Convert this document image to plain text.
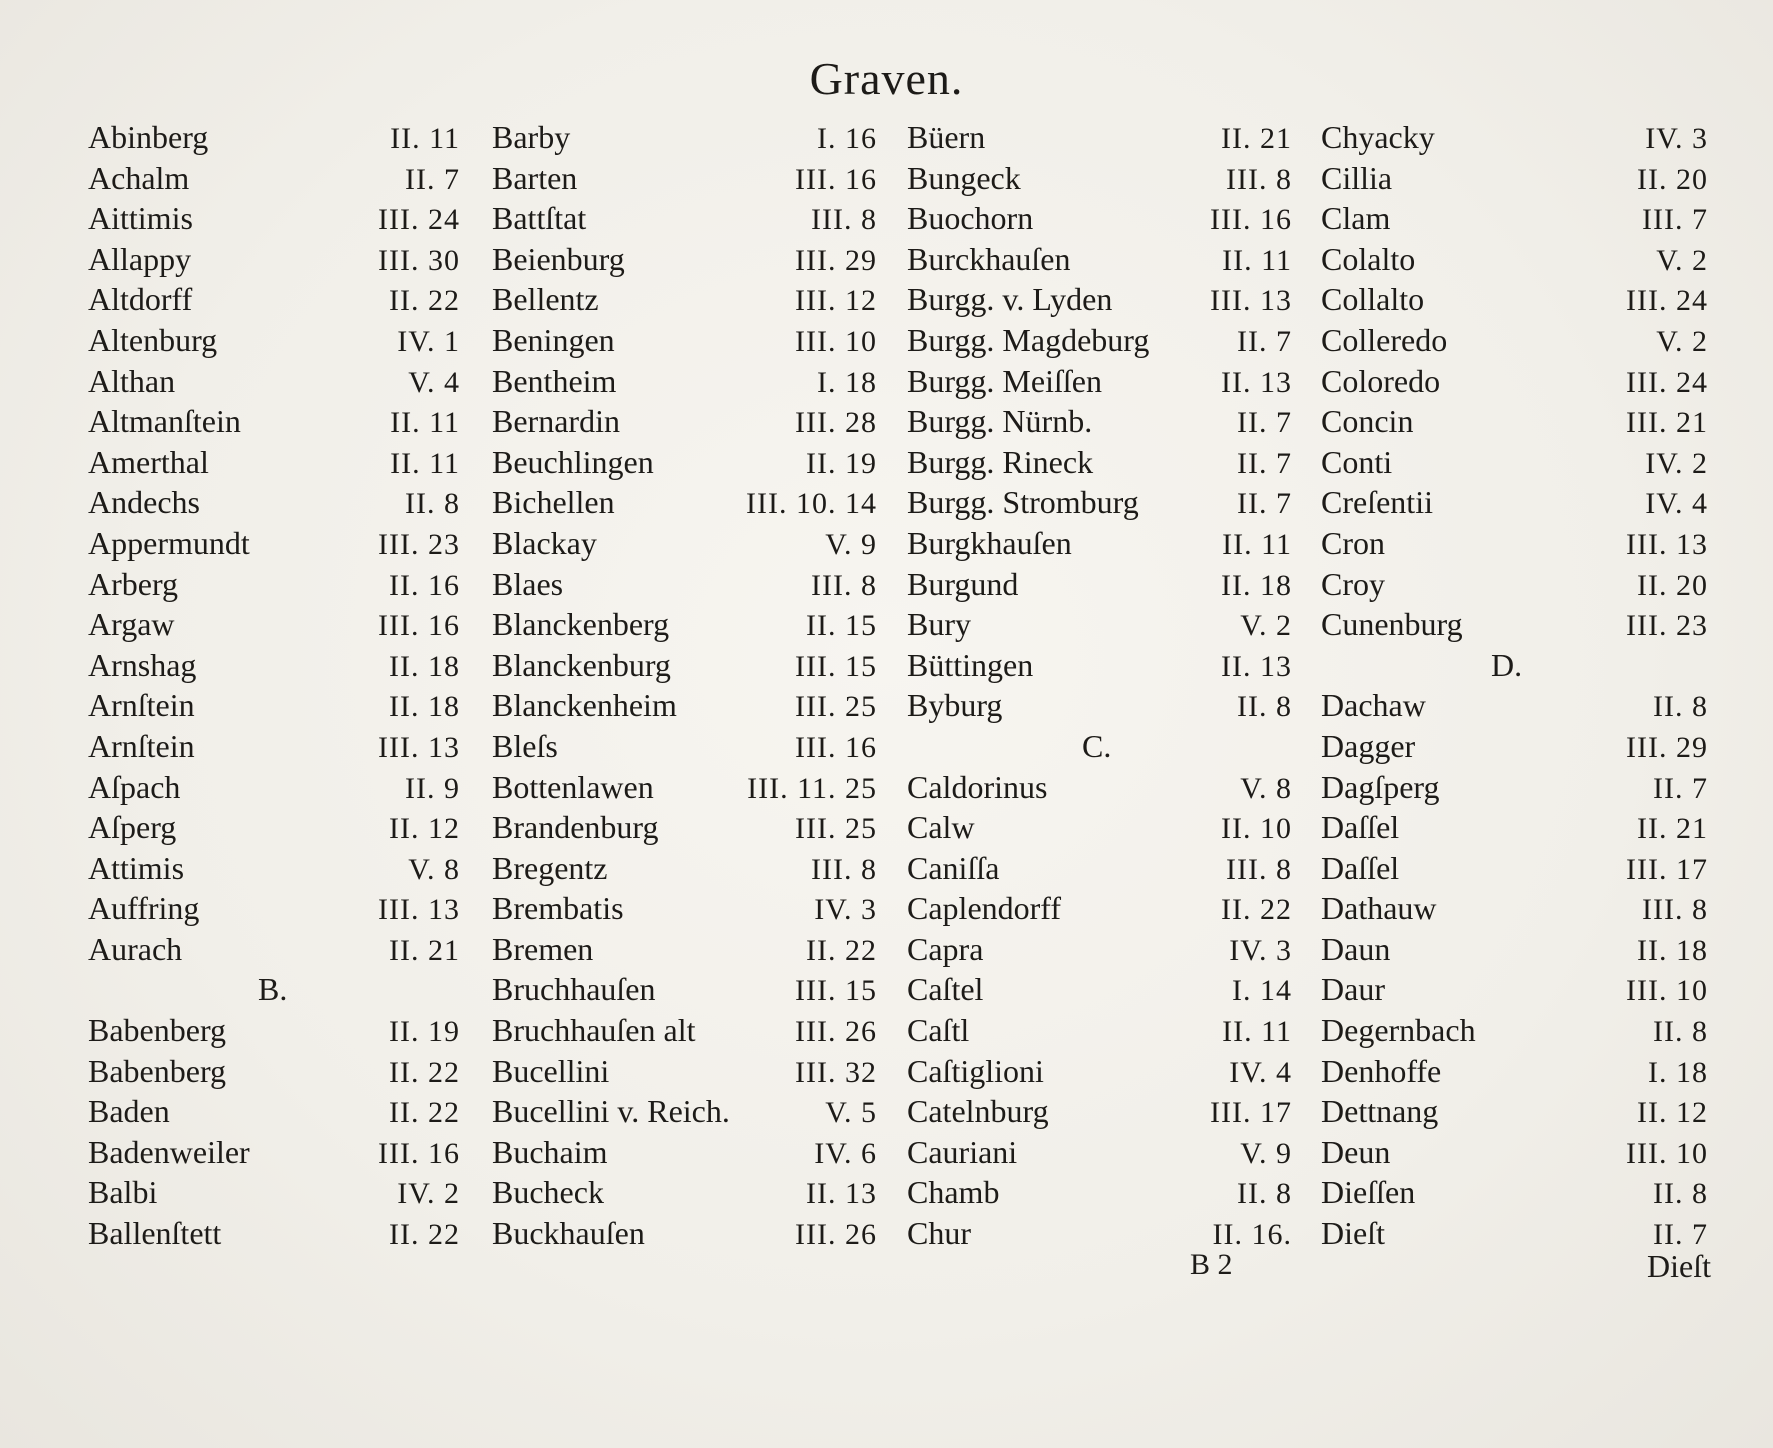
Graven.
Abinberg	II. 11
Achalm	II. 7
Aittimis	III. 24
Allappy	III. 30
Altdorff	II. 22
Altenburg	IV. 1
Althan	V. 4
Altmanſtein	II. 11
Amerthal	II. 11
Andechs	II. 8
Appermundt	III. 23
Arberg	II. 16
Argaw	III. 16
Arnshag	II. 18
Arnſtein	II. 18
Arnſtein	III. 13
Aſpach	II. 9
Aſperg	II. 12
Attimis	V. 8
Auffring	III. 13
Aurach	II. 21
B.
Babenberg	II. 19
Babenberg	II. 22
Baden	II. 22
Badenweiler	III. 16
Balbi	IV. 2
Ballenſtett	II. 22
Barby	I. 16
Barten	III. 16
Battſtat	III. 8
Beienburg	III. 29
Bellentz	III. 12
Beningen	III. 10
Bentheim	I. 18
Bernardin	III. 28
Beuchlingen	II. 19
Bichellen	III. 10. 14
Blackay	V. 9
Blaes	III. 8
Blanckenberg	II. 15
Blanckenburg	III. 15
Blanckenheim	III. 25
Bleſs	III. 16
Bottenlawen	III. 11. 25
Brandenburg	III. 25
Bregentz	III. 8
Brembatis	IV. 3
Bremen	II. 22
Bruchhauſen	III. 15
Bruchhauſen alt	III. 26
Bucellini	III. 32
Bucellini v. Reich.	V. 5
Buchaim	IV. 6
Bucheck	II. 13
Buckhauſen	III. 26
Büern	II. 21
Bungeck	III. 8
Buochorn	III. 16
Burckhauſen	II. 11
Burgg. v. Lyden	III. 13
Burgg. Magdeburg	II. 7
Burgg. Meiſſen	II. 13
Burgg. Nürnb.	II. 7
Burgg. Rineck	II. 7
Burgg. Stromburg	II. 7
Burgkhauſen	II. 11
Burgund	II. 18
Bury	V. 2
Büttingen	II. 13
Byburg	II. 8
C.
Caldorinus	V. 8
Calw	II. 10
Caniſſa	III. 8
Caplendorff	II. 22
Capra	IV. 3
Caſtel	I. 14
Caſtl	II. 11
Caſtiglioni	IV. 4
Catelnburg	III. 17
Cauriani	V. 9
Chamb	II. 8
Chur	II. 16.
Chyacky	IV. 3
Cillia	II. 20
Clam	III. 7
Colalto	V. 2
Collalto	III. 24
Colleredo	V. 2
Coloredo	III. 24
Concin	III. 21
Conti	IV. 2
Creſentii	IV. 4
Cron	III. 13
Croy	II. 20
Cunenburg	III. 23
D.
Dachaw	II. 8
Dagger	III. 29
Dagſperg	II. 7
Daſſel	II. 21
Daſſel	III. 17
Dathauw	III. 8
Daun	II. 18
Daur	III. 10
Degernbach	II. 8
Denhoffe	I. 18
Dettnang	II. 12
Deun	III. 10
Dieſſen	II. 8
Dieſt	II. 7
B 2	Dieſt
